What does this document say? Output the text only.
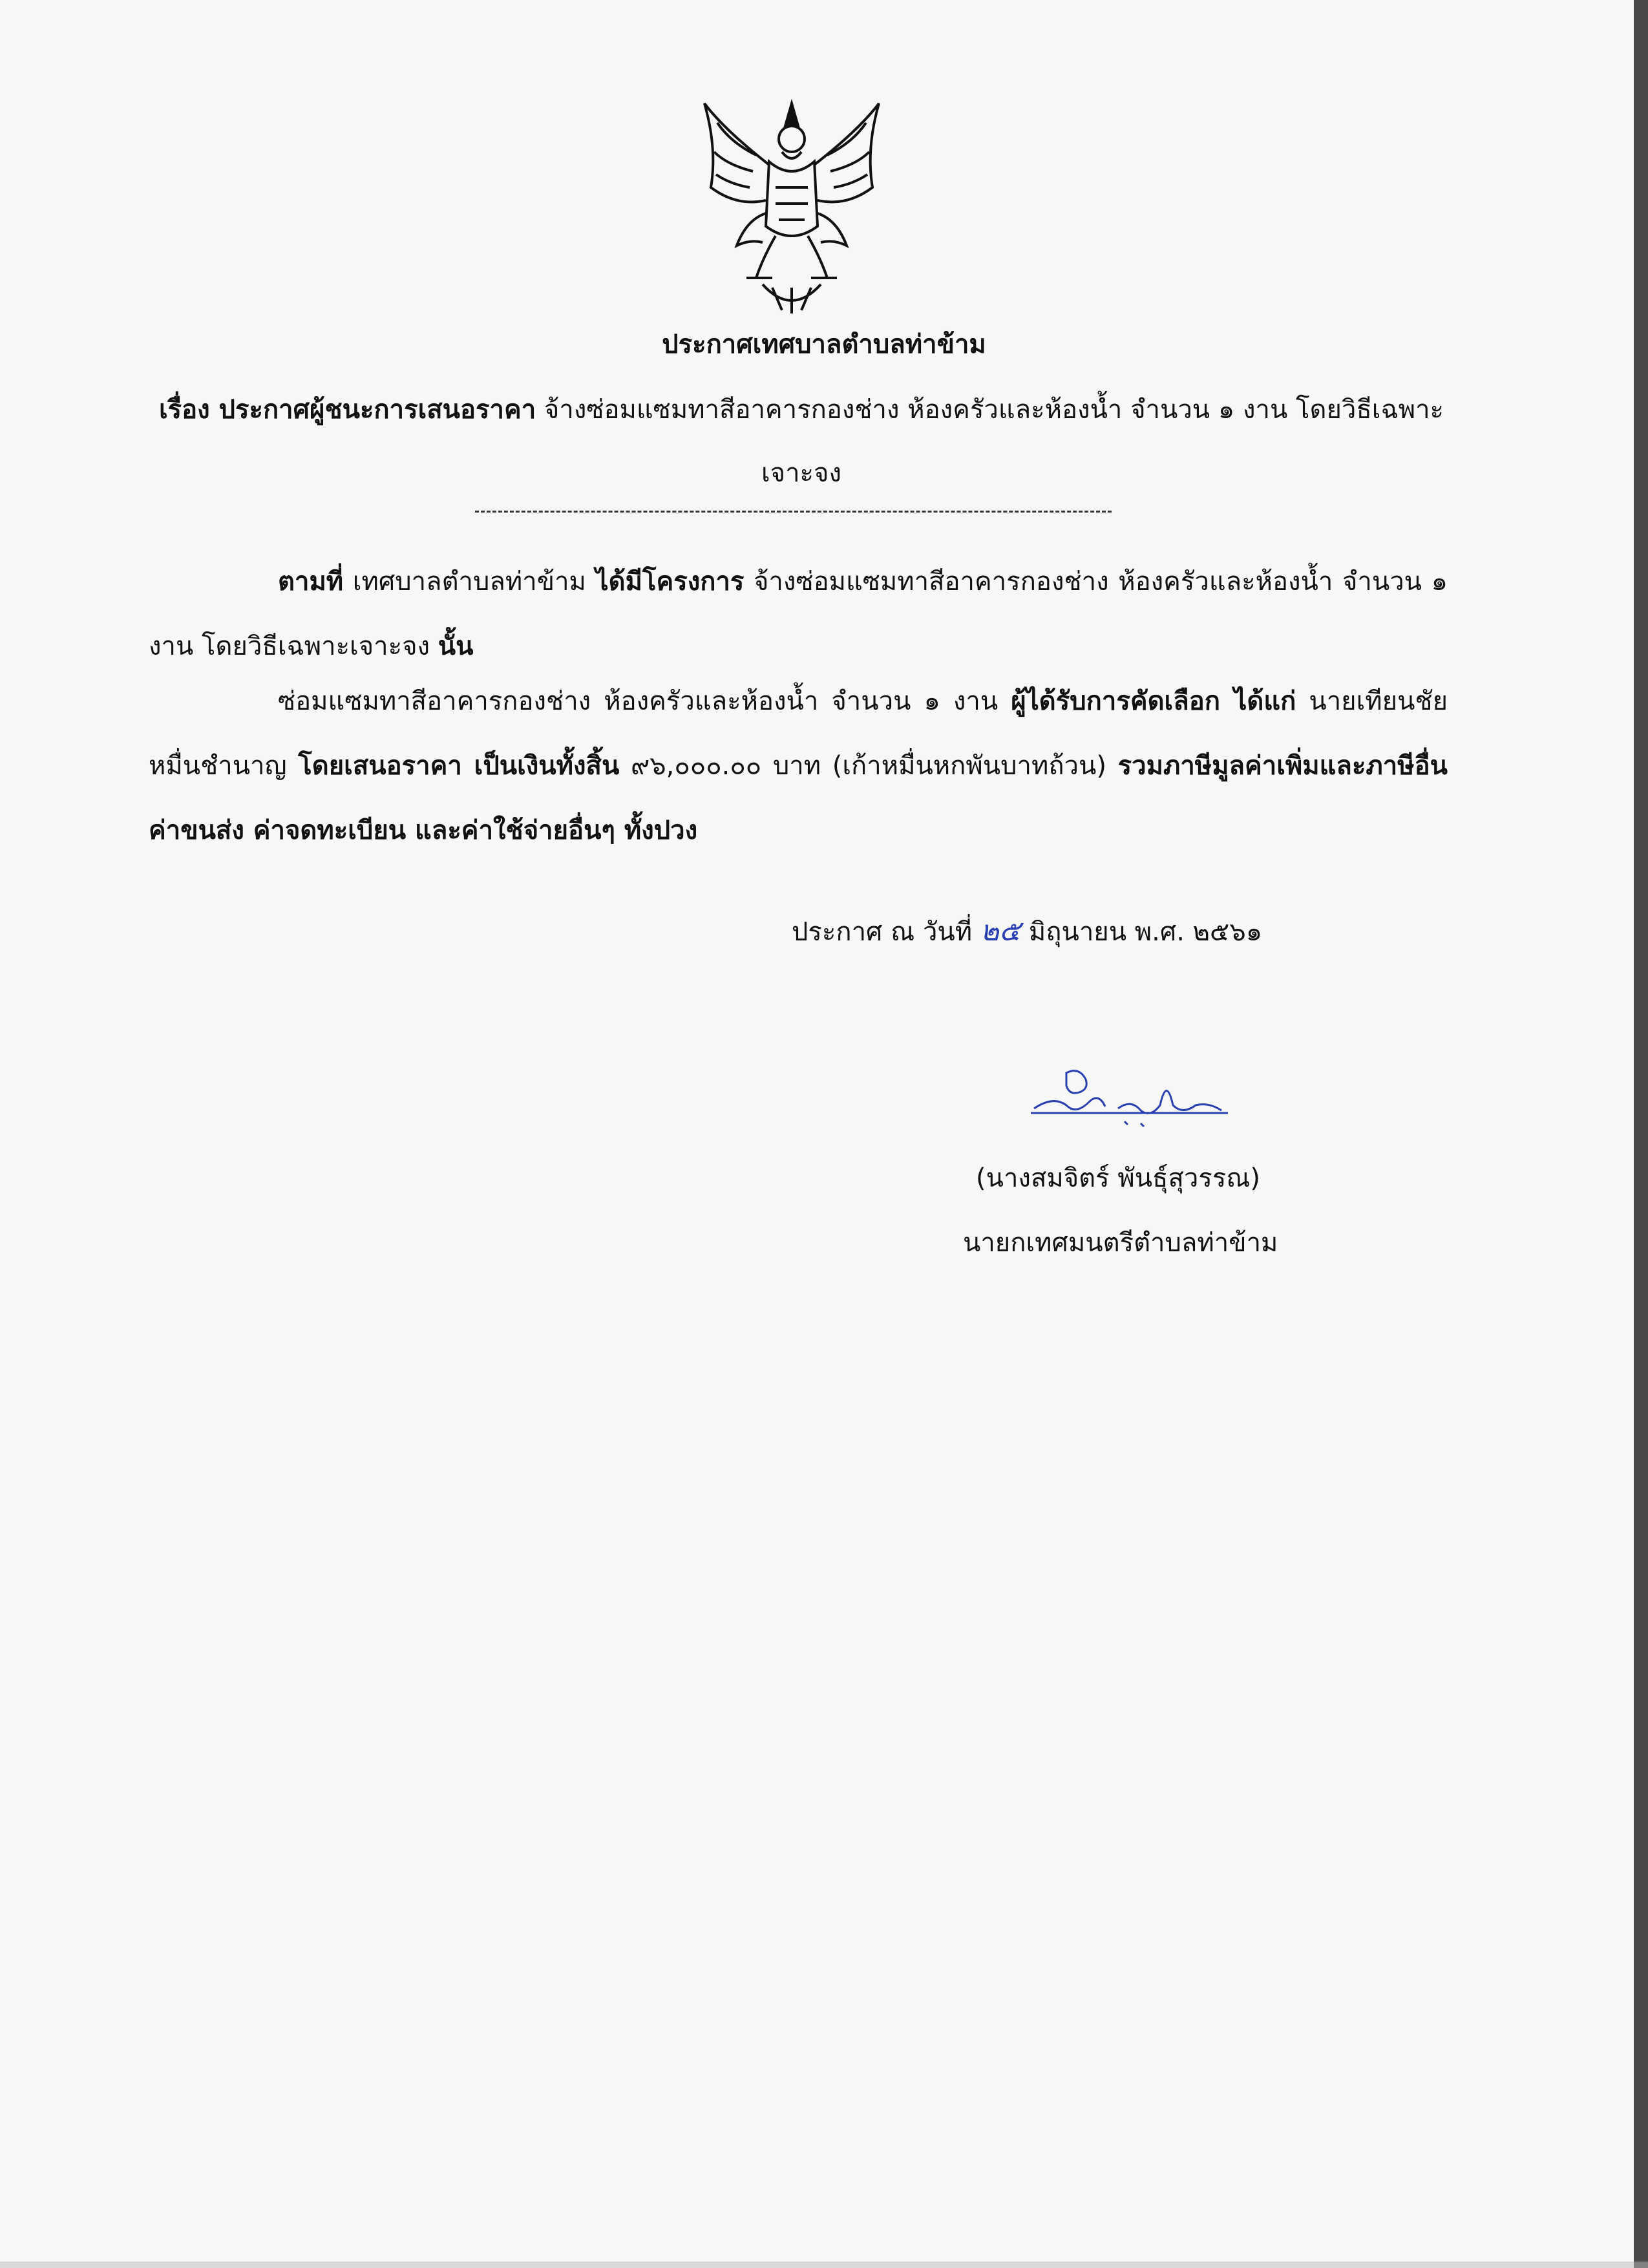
ประกาศเทศบาลตำบลท่าข้าม
เรื่อง ประกาศผู้ชนะการเสนอราคา จ้างซ่อมแซมทาสีอาคารกองช่าง ห้องครัวและห้องน้ำ จำนวน ๑ งาน โดยวิธีเฉพาะเจาะจง
ตามที่ เทศบาลตำบลท่าข้าม ได้มีโครงการ จ้างซ่อมแซมทาสีอาคารกองช่าง ห้องครัวและห้องน้ำ จำนวน ๑ งาน โดยวิธีเฉพาะเจาะจง นั้น
ซ่อมแซมทาสีอาคารกองช่าง ห้องครัวและห้องน้ำ จำนวน ๑ งาน ผู้ได้รับการคัดเลือก ได้แก่ นายเทียนชัย หมื่นชำนาญ โดยเสนอราคา เป็นเงินทั้งสิ้น ๙๖,๐๐๐.๐๐ บาท (เก้าหมื่นหกพันบาทถ้วน) รวมภาษีมูลค่าเพิ่มและภาษีอื่น ค่าขนส่ง ค่าจดทะเบียน และค่าใช้จ่ายอื่นๆ ทั้งปวง
ประกาศ ณ วันที่ ๒๕ มิถุนายน พ.ศ. ๒๕๖๑
(นางสมจิตร์ พันธุ์สุวรรณ)
นายกเทศมนตรีตำบลท่าข้าม
